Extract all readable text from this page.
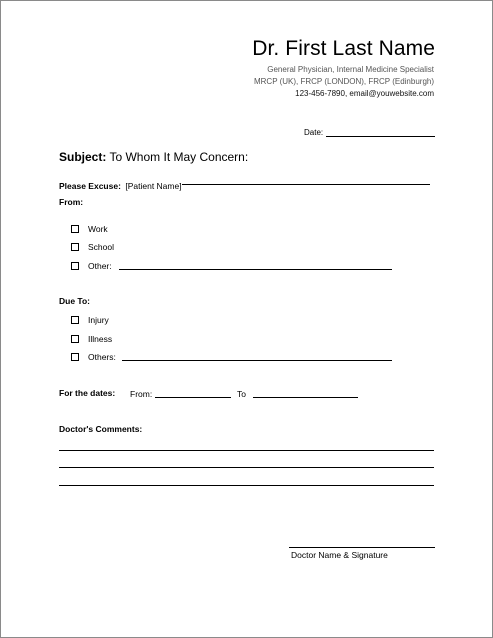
Dr. First Last Name
General Physician, Internal Medicine Specialist
MRCP (UK), FRCP (LONDON), FRCP (Edinburgh)
123-456-7890, email@youwebsite.com
Date:
Subject: To Whom It May Concern:
Please Excuse: [Patient Name]
From:
Work
School
Other:
Due To:
Injury
Illness
Others:
For the dates: From:	To
Doctor's Comments:
Doctor Name & Signature
